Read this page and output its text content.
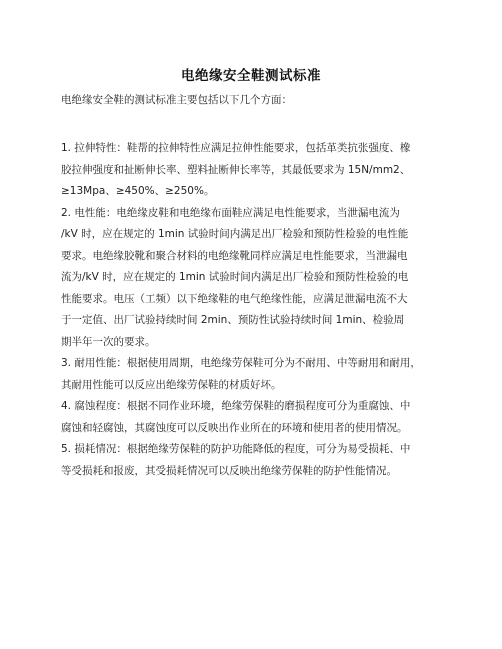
电绝缘安全鞋测试标准
电绝缘安全鞋的测试标准主要包括以下几个方面：
1. 拉伸特性：鞋帮的拉伸特性应满足拉伸性能要求，包括革类抗张强度、橡
胶拉伸强度和扯断伸长率、塑料扯断伸长率等，其最低要求为 15N/mm2、
≥13Mpa、≥450%、≥250%。
2. 电性能：电绝缘皮鞋和电绝缘布面鞋应满足电性能要求，当泄漏电流为
/kV 时，应在规定的 1min 试验时间内满足出厂检验和预防性检验的电性能
要求。电绝缘胶靴和聚合材料的电绝缘靴同样应满足电性能要求，当泄漏电
流为/kV 时，应在规定的 1min 试验时间内满足出厂检验和预防性检验的电
性能要求。电压（工频）以下绝缘鞋的电气绝缘性能，应满足泄漏电流不大
于一定值、出厂试验持续时间 2min、预防性试验持续时间 1min、检验周
期半年一次的要求。
3. 耐用性能：根据使用周期，电绝缘劳保鞋可分为不耐用、中等耐用和耐用，
其耐用性能可以反应出绝缘劳保鞋的材质好坏。
4. 腐蚀程度：根据不同作业环境，绝缘劳保鞋的磨损程度可分为重腐蚀、中
腐蚀和轻腐蚀，其腐蚀度可以反映出作业所在的环境和使用者的使用情况。
5. 损耗情况：根据绝缘劳保鞋的防护功能降低的程度，可分为易受损耗、中
等受损耗和报废，其受损耗情况可以反映出绝缘劳保鞋的防护性能情况。
